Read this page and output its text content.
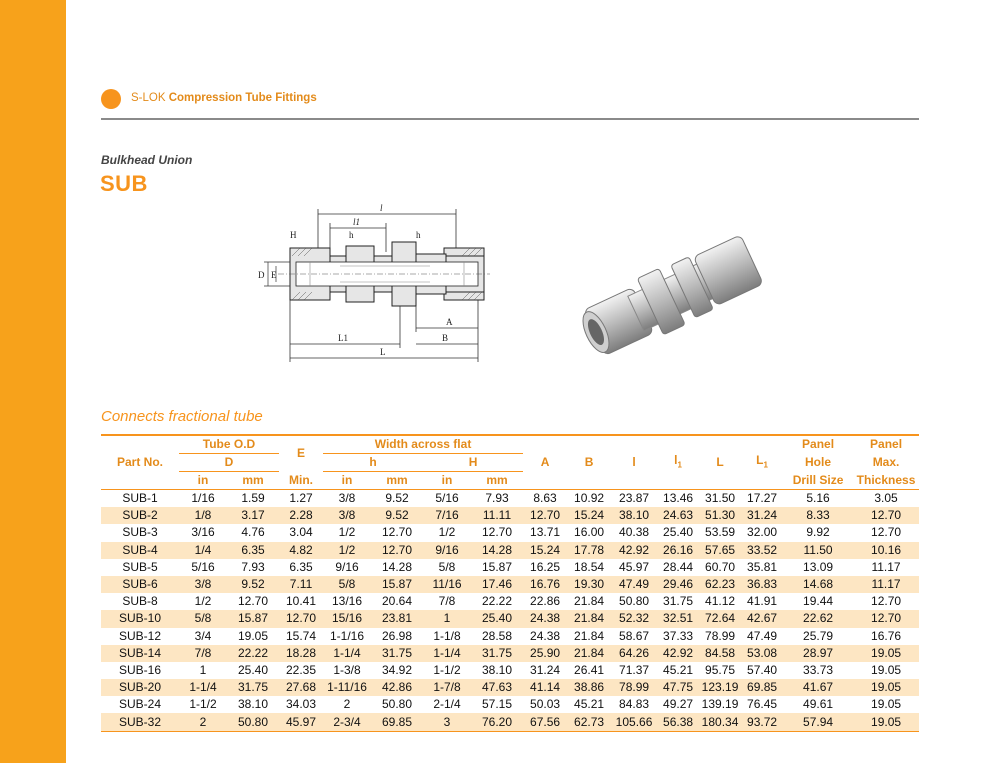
S-LOK Compression Tube Fittings
Bulkhead Union
SUB
l
l1
H	h	h
D E
A
L1	B
L
Connects fractional tube
Part No.	Tube O.D		E	Width across flat				A	B	l	$l_1$	L	$L_1$	Panel	Panel
	D			h		H								Hole	Max.
	in	mm	Min.	in	mm	in	mm							Drill Size	Thickness
SUB-1	1/16	1.59	1.27	3/8	9.52	5/16	7.93	8.63	10.92	23.87	13.46	31.50	17.27	5.16	3.05
SUB-2	1/8	3.17	2.28	3/8	9.52	7/16	11.11	12.70	15.24	38.10	24.63	51.30	31.24	8.33	12.70
SUB-3	3/16	4.76	3.04	1/2	12.70	1/2	12.70	13.71	16.00	40.38	25.40	53.59	32.00	9.92	12.70
SUB-4	1/4	6.35	4.82	1/2	12.70	9/16	14.28	15.24	17.78	42.92	26.16	57.65	33.52	11.50	10.16
SUB-5	5/16	7.93	6.35	9/16	14.28	5/8	15.87	16.25	18.54	45.97	28.44	60.70	35.81	13.09	11.17
SUB-6	3/8	9.52	7.11	5/8	15.87	11/16	17.46	16.76	19.30	47.49	29.46	62.23	36.83	14.68	11.17
SUB-8	1/2	12.70	10.41	13/16	20.64	7/8	22.22	22.86	21.84	50.80	31.75	41.12	41.91	19.44	12.70
SUB-10	5/8	15.87	12.70	15/16	23.81	1	25.40	24.38	21.84	52.32	32.51	72.64	42.67	22.62	12.70
SUB-12	3/4	19.05	15.74	1-1/16	26.98	1-1/8	28.58	24.38	21.84	58.67	37.33	78.99	47.49	25.79	16.76
SUB-14	7/8	22.22	18.28	1-1/4	31.75	1-1/4	31.75	25.90	21.84	64.26	42.92	84.58	53.08	28.97	19.05
SUB-16	1	25.40	22.35	1-3/8	34.92	1-1/2	38.10	31.24	26.41	71.37	45.21	95.75	57.40	33.73	19.05
SUB-20	1-1/4	31.75	27.68	1-11/16	42.86	1-7/8	47.63	41.14	38.86	78.99	47.75	123.19	69.85	41.67	19.05
SUB-24	1-1/2	38.10	34.03	2	50.80	2-1/4	57.15	50.03	45.21	84.83	49.27	139.19	76.45	49.61	19.05
SUB-32	2	50.80	45.97	2-3/4	69.85	3	76.20	67.56	62.73	105.66	56.38	180.34	93.72	57.94	19.05
